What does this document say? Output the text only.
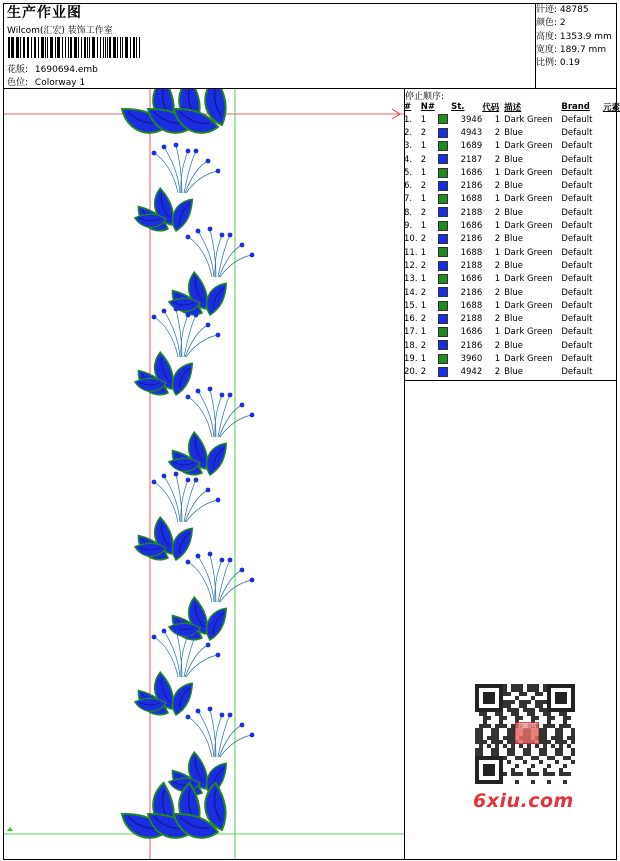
生产作业图
Wilcom(汇宏) 装饰工作室
花版: 1690694.emb
色位: Colorway 1
针迹: 48785
颜色: 2
高度: 1353.9 mm
宽度: 189.7 mm
比例: 0.19
停止顺序:
#	N#		St.	代码	描述	Brand	元素
1.	1		3946	1	Dark Green	Default	
2.	2		4943	2	Blue	Default	
3.	1		1689	1	Dark Green	Default	
4.	2		2187	2	Blue	Default	
5.	1		1686	1	Dark Green	Default	
6.	2		2186	2	Blue	Default	
7.	1		1688	1	Dark Green	Default	
8.	2		2188	2	Blue	Default	
9.	1		1686	1	Dark Green	Default	
10.	2		2186	2	Blue	Default	
11.	1		1688	1	Dark Green	Default	
12.	2		2188	2	Blue	Default	
13.	1		1686	1	Dark Green	Default	
14.	2		2186	2	Blue	Default	
15.	1		1688	1	Dark Green	Default	
16.	2		2188	2	Blue	Default	
17.	1		1686	1	Dark Green	Default	
18.	2		2186	2	Blue	Default	
19.	1		3960	1	Dark Green	Default	
20.	2		4942	2	Blue	Default	
我图网
6xiu.com
